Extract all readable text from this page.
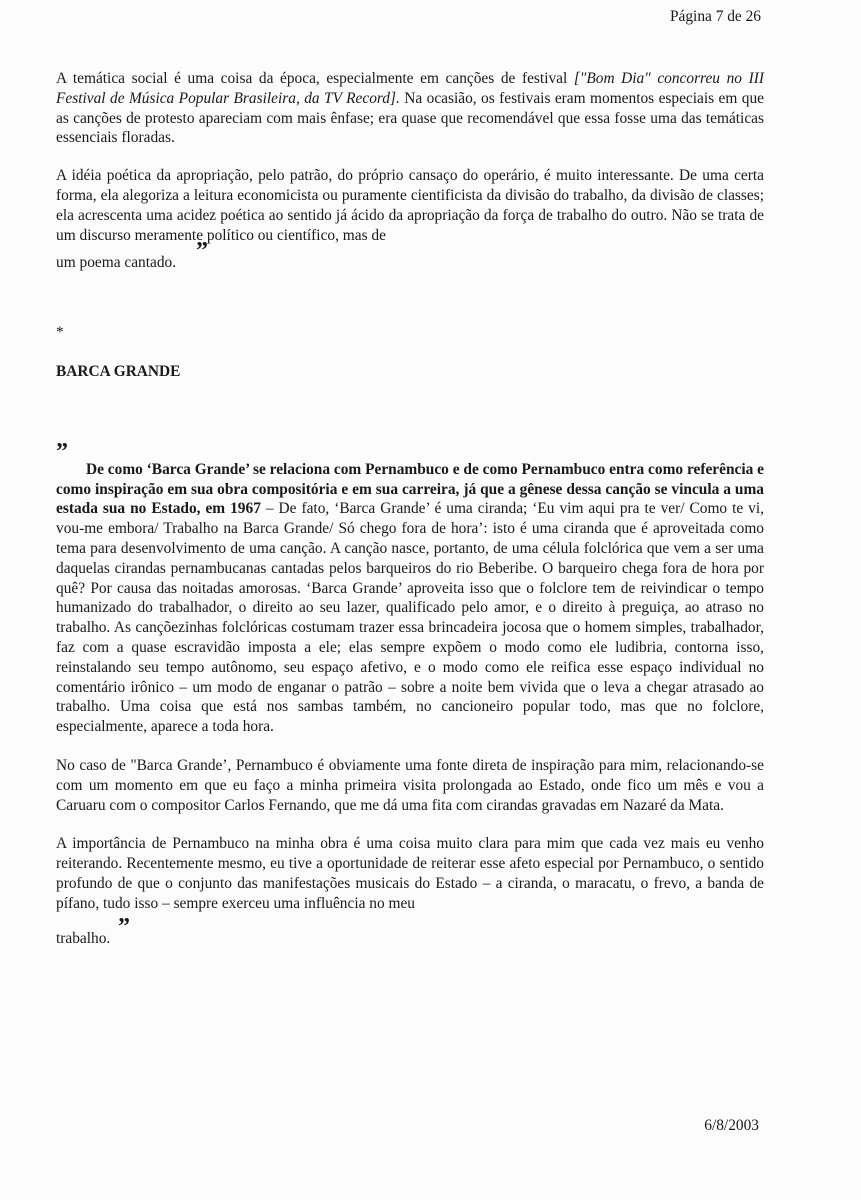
Página 7 de 26

A temática social é uma coisa da época, especialmente em canções de festival ["Bom Dia" concorreu no III Festival de Música Popular Brasileira, da TV Record]. Na ocasião, os festivais eram momentos especiais em que as canções de protesto apareciam com mais ênfase; era quase que recomendável que essa fosse uma das temáticas essenciais floradas.

A idéia poética da apropriação, pelo patrão, do próprio cansaço do operário, é muito interessante. De uma certa forma, ela alegoriza a leitura economicista ou puramente cientificista da divisão do trabalho, da divisão de classes; ela acrescenta uma acidez poética ao sentido já ácido da apropriação da força de trabalho do outro. Não se trata de um discurso meramente político ou científico, mas de

um poema cantado. ”

*

BARCA GRANDE

”

De como ‘Barca Grande’ se relaciona com Pernambuco e de como Pernambuco entra como referência e como inspiração em sua obra compositória e em sua carreira, já que a gênese dessa canção se vincula a uma estada sua no Estado, em 1967 – De fato, ‘Barca Grande’ é uma ciranda; ‘Eu vim aqui pra te ver/ Como te vi, vou-me embora/ Trabalho na Barca Grande/ Só chego fora de hora’: isto é uma ciranda que é aproveitada como tema para desenvolvimento de uma canção. A canção nasce, portanto, de uma célula folclórica que vem a ser uma daquelas cirandas pernambucanas cantadas pelos barqueiros do rio Beberibe. O barqueiro chega fora de hora por quê? Por causa das noitadas amorosas. ‘Barca Grande’ aproveita isso que o folclore tem de reivindicar o tempo humanizado do trabalhador, o direito ao seu lazer, qualificado pelo amor, e o direito à preguiça, ao atraso no trabalho. As cançõezinhas folclóricas costumam trazer essa brincadeira jocosa que o homem simples, trabalhador, faz com a quase escravidão imposta a ele; elas sempre expõem o modo como ele ludibria, contorna isso, reinstalando seu tempo autônomo, seu espaço afetivo, e o modo como ele reifica esse espaço individual no comentário irônico – um modo de enganar o patrão – sobre a noite bem vivida que o leva a chegar atrasado ao trabalho. Uma coisa que está nos sambas também, no cancioneiro popular todo, mas que no folclore, especialmente, aparece a toda hora.

No caso de "Barca Grande’, Pernambuco é obviamente uma fonte direta de inspiração para mim, relacionando-se com um momento em que eu faço a minha primeira visita prolongada ao Estado, onde fico um mês e vou a Caruaru com o compositor Carlos Fernando, que me dá uma fita com cirandas gravadas em Nazaré da Mata.

A importância de Pernambuco na minha obra é uma coisa muito clara para mim que cada vez mais eu venho reiterando. Recentemente mesmo, eu tive a oportunidade de reiterar esse afeto especial por Pernambuco, o sentido profundo de que o conjunto das manifestações musicais do Estado – a ciranda, o maracatu, o frevo, a banda de pífano, tudo isso – sempre exerceu uma influência no meu

trabalho. ”

6/8/2003
